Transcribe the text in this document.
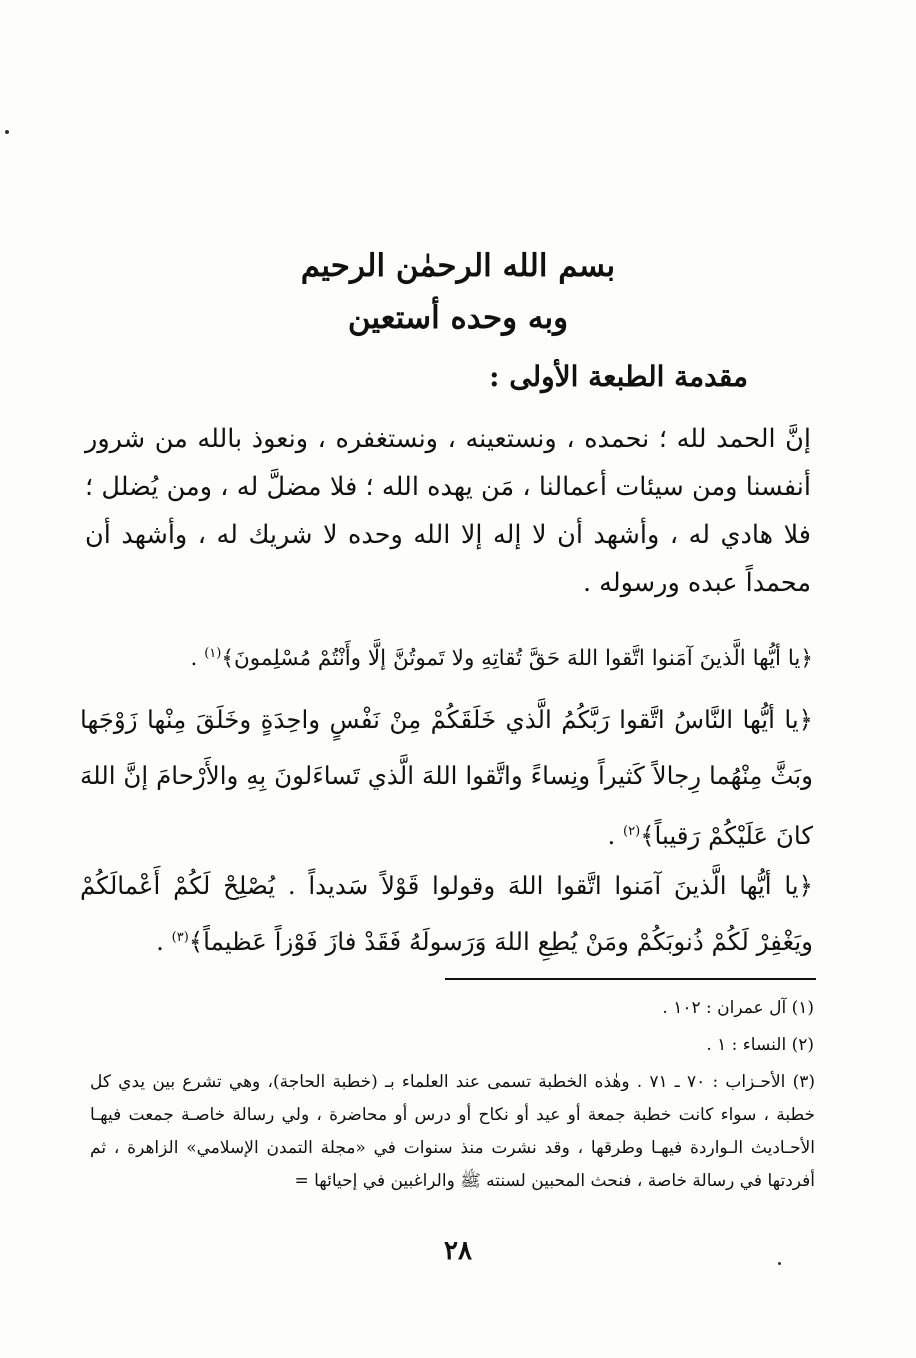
بسم الله الرحمٰن الرحيم
وبه وحده أستعين
مقدمة الطبعة الأولى :

إنَّ الحمد لله ؛ نحمده ، ونستعينه ، ونستغفره ، ونعوذ بالله من شرور أنفسنا ومن سيئات أعمالنا ، مَن يهده الله ؛ فلا مضلَّ له ، ومن يُضلل ؛ فلا هادي له ، وأشهد أن لا إله إلا الله وحده لا شريك له ، وأشهد أن محمداً عبده ورسوله .

﴿يا أيُّها الَّذينَ آمَنوا اتَّقوا اللهَ حَقَّ تُقاتِهِ ولا تَموتُنَّ إلَّا وأَنْتُمْ مُسْلِمونَ﴾$^{(١)}$ .

﴿يا أيُّها النَّاسُ اتَّقوا رَبَّكُمُ الَّذي خَلَقَكُمْ مِنْ نَفْسٍ واحِدَةٍ وخَلَقَ مِنْها زَوْجَها وبَثَّ مِنْهُما رِجالاً كَثيراً ونِساءً واتَّقوا اللهَ الَّذي تَساءَلونَ بِهِ والأَرْحامَ إنَّ اللهَ كانَ عَلَيْكُمْ رَقيباً﴾$^{(٢)}$ .

﴿يا أيُّها الَّذينَ آمَنوا اتَّقوا اللهَ وقولوا قَوْلاً سَديداً . يُصْلِحْ لَكُمْ أَعْمالَكُمْ ويَغْفِرْ لَكُمْ ذُنوبَكُمْ ومَنْ يُطِعِ اللهَ وَرَسولَهُ فَقَدْ فازَ فَوْزاً عَظيماً﴾$^{(٣)}$ .

(١) آل عمران : ١٠٢ .

(٢) النساء : ١ .

(٣) الأحـزاب : ٧٠ ـ ٧١ . وهٰذه الخطبة تسمى عند العلماء بـ (خطبة الحاجة)، وهي تشرع بين يدي كل خطبة ، سواء كانت خطبة جمعة أو عيد أو نكاح أو درس أو محاضرة ، ولي رسالة خاصـة جمعت فيهـا الأحـاديث الـواردة فيهـا وطرقها ، وقد نشرت منذ سنوات في «مجلة التمدن الإسلامي» الزاهرة ، ثم أفردتها في رسالة خاصة ، فنحث المحبين لسنته ﷺ والراغبين في إحيائها =

٢٨
